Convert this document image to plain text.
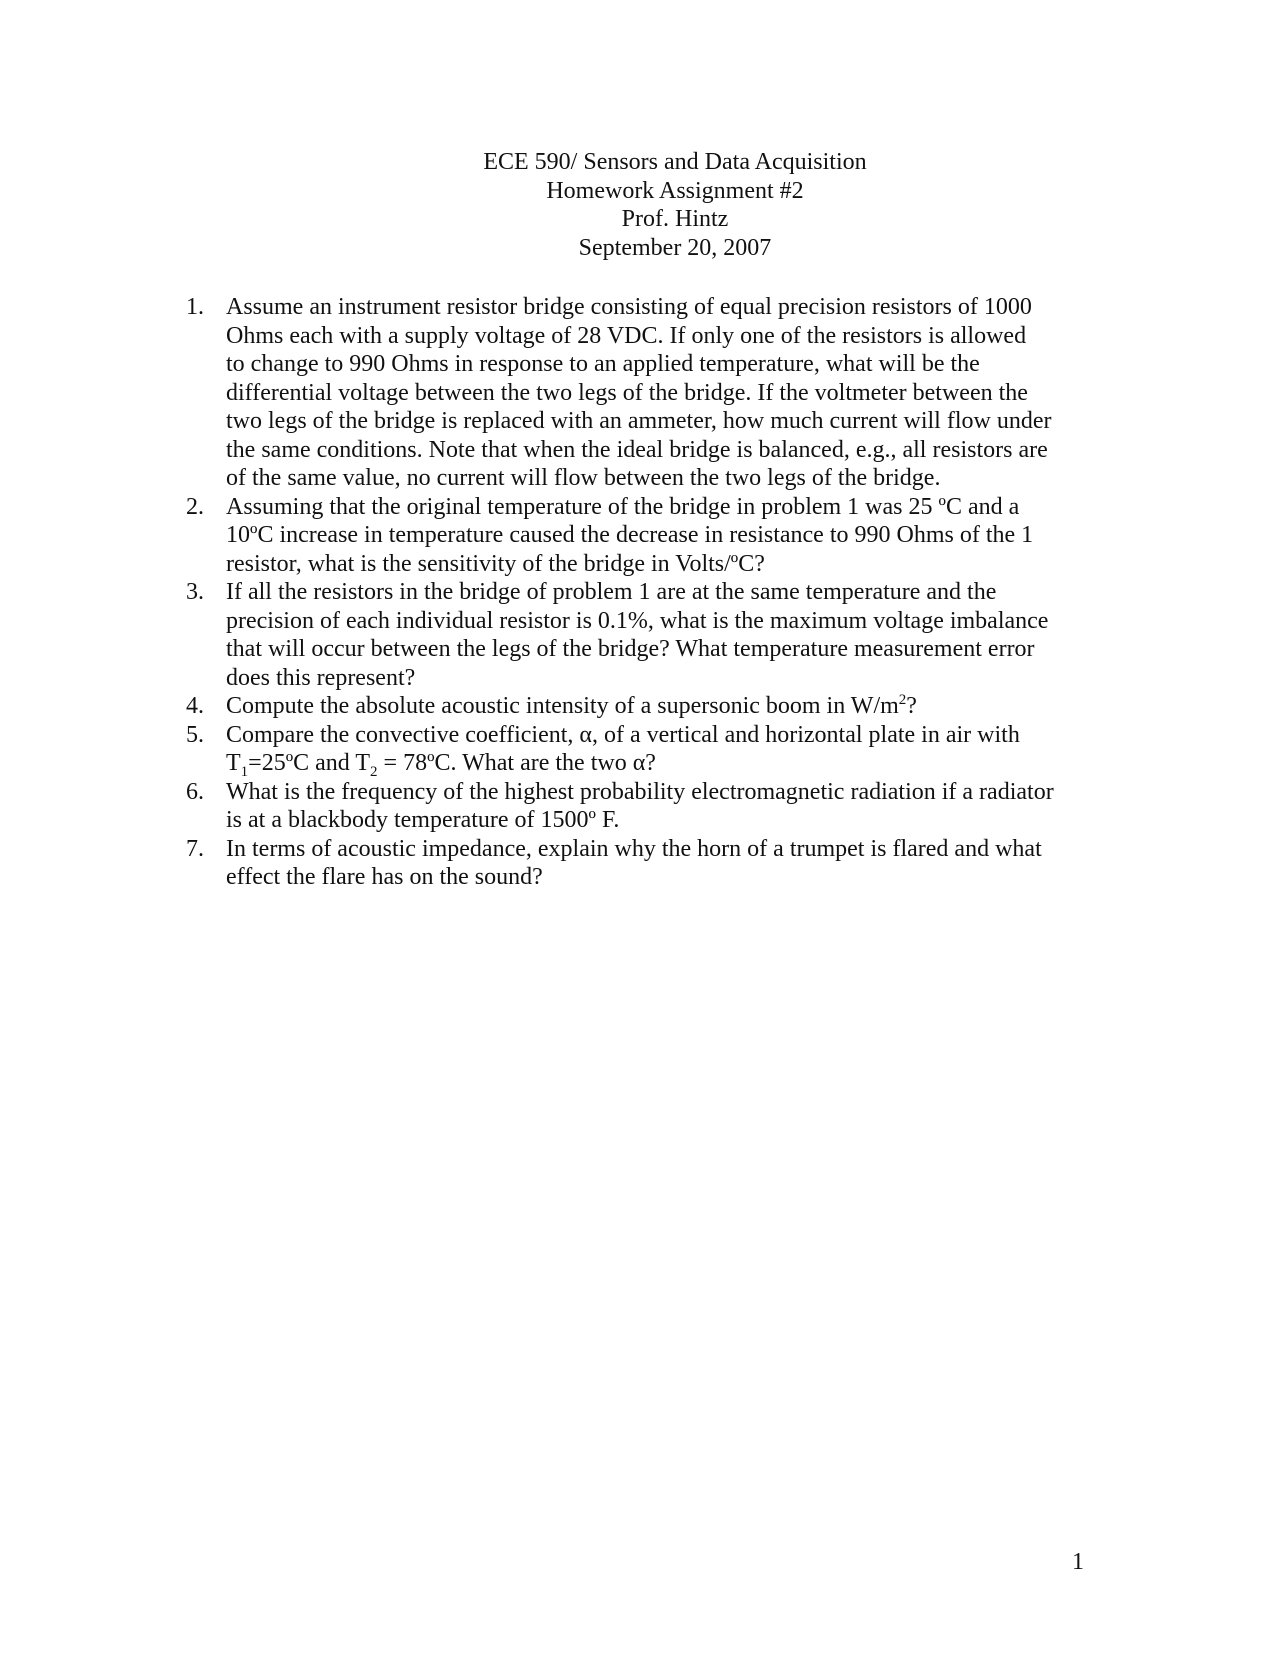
ECE 590/ Sensors and Data Acquisition
Homework Assignment #2
Prof. Hintz
September 20, 2007
1. Assume an instrument resistor bridge consisting of equal precision resistors of 1000
Ohms each with a supply voltage of 28 VDC. If only one of the resistors is allowed
to change to 990 Ohms in response to an applied temperature, what will be the
differential voltage between the two legs of the bridge. If the voltmeter between the
two legs of the bridge is replaced with an ammeter, how much current will flow under
the same conditions. Note that when the ideal bridge is balanced, e.g., all resistors are
of the same value, no current will flow between the two legs of the bridge.
2. Assuming that the original temperature of the bridge in problem 1 was 25 ºC and a
10ºC increase in temperature caused the decrease in resistance to 990 Ohms of the 1
resistor, what is the sensitivity of the bridge in Volts/ºC?
3. If all the resistors in the bridge of problem 1 are at the same temperature and the
precision of each individual resistor is 0.1%, what is the maximum voltage imbalance
that will occur between the legs of the bridge? What temperature measurement error
does this represent?
4. Compute the absolute acoustic intensity of a supersonic boom in $W/m^2$?
5. Compare the convective coefficient, α, of a vertical and horizontal plate in air with
$T_1=25ºC$ and $T_2$ = 78ºC. What are the two α?
6. What is the frequency of the highest probability electromagnetic radiation if a radiator
is at a blackbody temperature of 1500º F.
7. In terms of acoustic impedance, explain why the horn of a trumpet is flared and what
effect the flare has on the sound?
1
